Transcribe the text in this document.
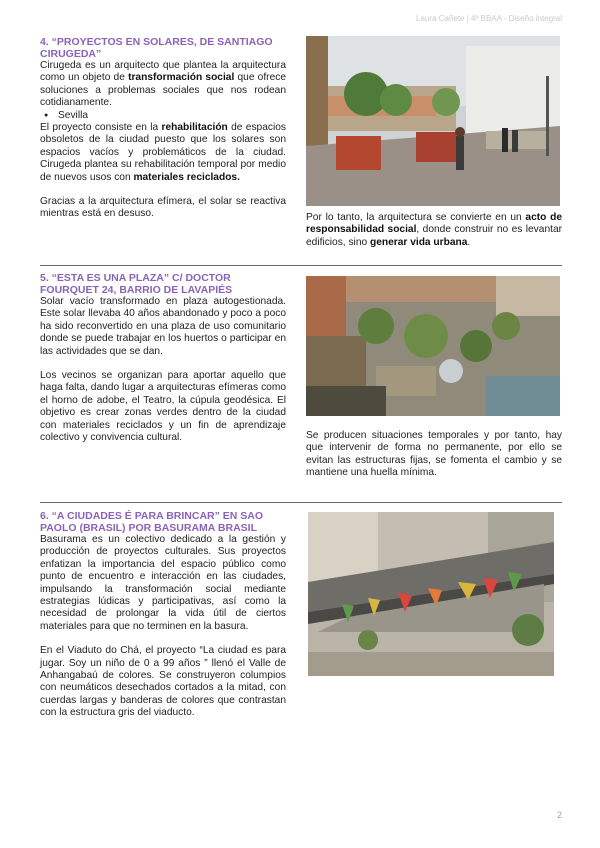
Laura Cañete | 4º BBAA - Diseño integral
4. “PROYECTOS EN SOLARES, DE SANTIAGO CIRUGEDA”

Cirugeda es un arquitecto que plantea la arquitectura como un objeto de transformación social que ofrece soluciones a problemas sociales que nos rodean cotidianamente.

● Sevilla

El proyecto consiste en la rehabilitación de espacios obsoletos de la ciudad puesto que los solares son espacios vacíos y problemáticos de la ciudad. Cirugeda plantea su rehabilitación temporal por medio de nuevos usos con materiales reciclados.

Gracias a la arquitectura efímera, el solar se reactiva mientras está en desuso.	Por lo tanto, la arquitectura se convierte en un acto de responsabilidad social, donde construir no es levantar edificios, sino generar vida urbana.

5. “ESTA ES UNA PLAZA” C/ DOCTOR FOURQUET 24, BARRIO DE LAVAPIÉS

Solar vacío transformado en plaza autogestionada. Este solar llevaba 40 años abandonado y poco a poco ha sido reconvertido en una plaza de uso comunitario donde se puede trabajar en los huertos o participar en las actividades que se dan.

Los vecinos se organizan para aportar aquello que haga falta, dando lugar a arquitecturas efímeras como el horno de adobe, el Teatro, la cúpula geodésica. El objetivo es crear zonas verdes dentro de la ciudad con materiales reciclados y un fin de aprendizaje colectivo y convivencia cultural.	Se producen situaciones temporales y por tanto, hay que intervenir de forma no permanente, por ello se evitan las estructuras fijas, se fomenta el cambio y se mantiene una huella mínima.

6. “A CIUDADES É PARA BRINCAR” EN SAO PAOLO (BRASIL) POR BASURAMA BRASIL

Basurama es un colectivo dedicado a la gestión y producción de proyectos culturales. Sus proyectos enfatizan la importancia del espacio público como punto de encuentro e interacción en las ciudades, impulsando la transformación social mediante estrategias lúdicas y participativas, así como la necesidad de prolongar la vida útil de ciertos materiales para que no terminen en la basura.

En el Viaduto do Chá, el proyecto “La ciudad es para jugar. Soy un niño de 0 a 99 años ” llenó el Valle de Anhangabaú de colores. Se construyeron columpios con neumáticos desechados cortados a la mitad, con cuerdas largas y banderas de colores que contrastan con la estructura gris del viaducto.

2
